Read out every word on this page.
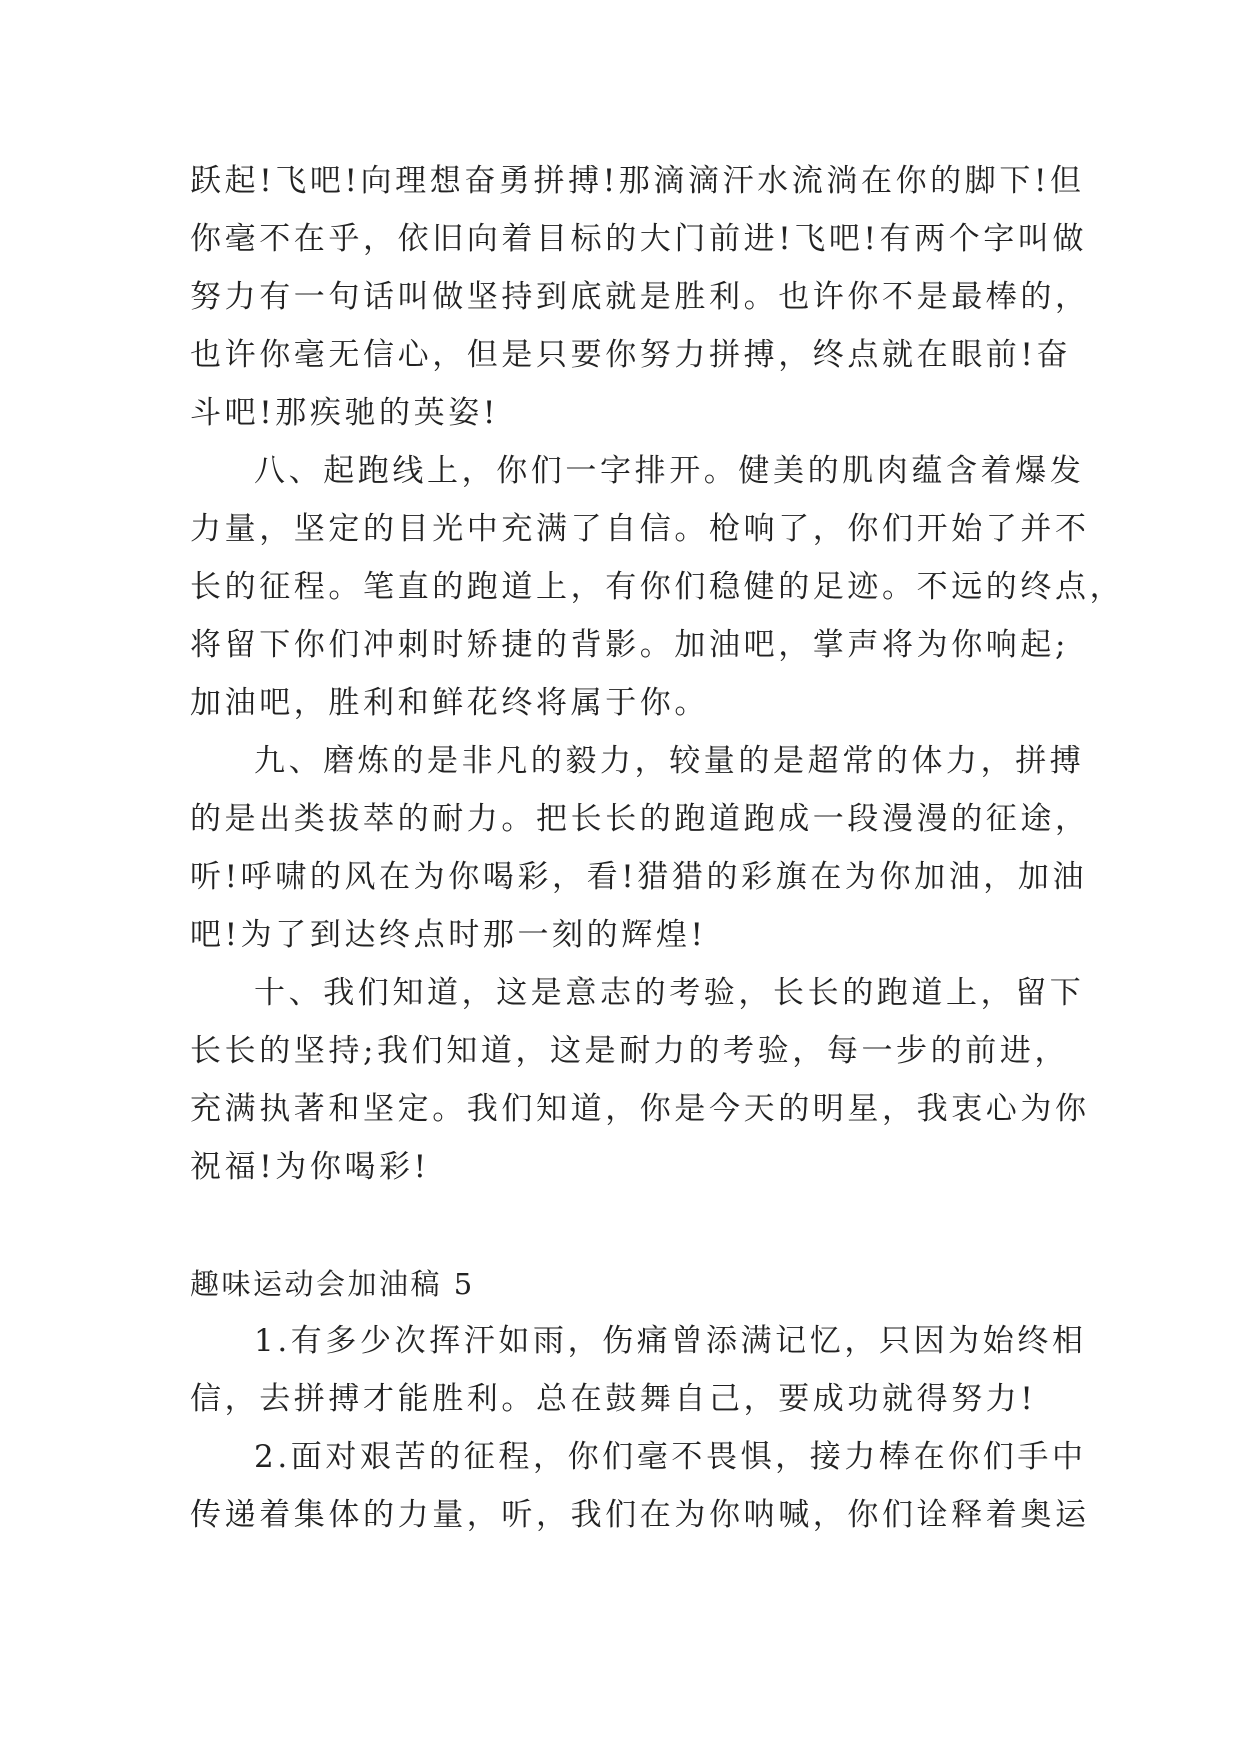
跃起!飞吧!向理想奋勇拼搏!那滴滴汗水流淌在你的脚下!但
你毫不在乎，依旧向着目标的大门前进!飞吧!有两个字叫做
努力有一句话叫做坚持到底就是胜利。也许你不是最棒的，
也许你毫无信心，但是只要你努力拼搏，终点就在眼前!奋
斗吧!那疾驰的英姿!
八、起跑线上，你们一字排开。健美的肌肉蕴含着爆发
力量，坚定的目光中充满了自信。枪响了，你们开始了并不
长的征程。笔直的跑道上，有你们稳健的足迹。不远的终点，
将留下你们冲刺时矫捷的背影。加油吧，掌声将为你响起;
加油吧，胜利和鲜花终将属于你。
九、磨炼的是非凡的毅力，较量的是超常的体力，拼搏
的是出类拔萃的耐力。把长长的跑道跑成一段漫漫的征途，
听!呼啸的风在为你喝彩，看!猎猎的彩旗在为你加油，加油
吧!为了到达终点时那一刻的辉煌!
十、我们知道，这是意志的考验，长长的跑道上，留下
长长的坚持;我们知道，这是耐力的考验，每一步的前进，
充满执著和坚定。我们知道，你是今天的明星，我衷心为你
祝福!为你喝彩!
趣味运动会加油稿 5
1.有多少次挥汗如雨，伤痛曾添满记忆，只因为始终相
信，去拼搏才能胜利。总在鼓舞自己，要成功就得努力!
2.面对艰苦的征程，你们毫不畏惧，接力棒在你们手中
传递着集体的力量，听，我们在为你呐喊，你们诠释着奥运
